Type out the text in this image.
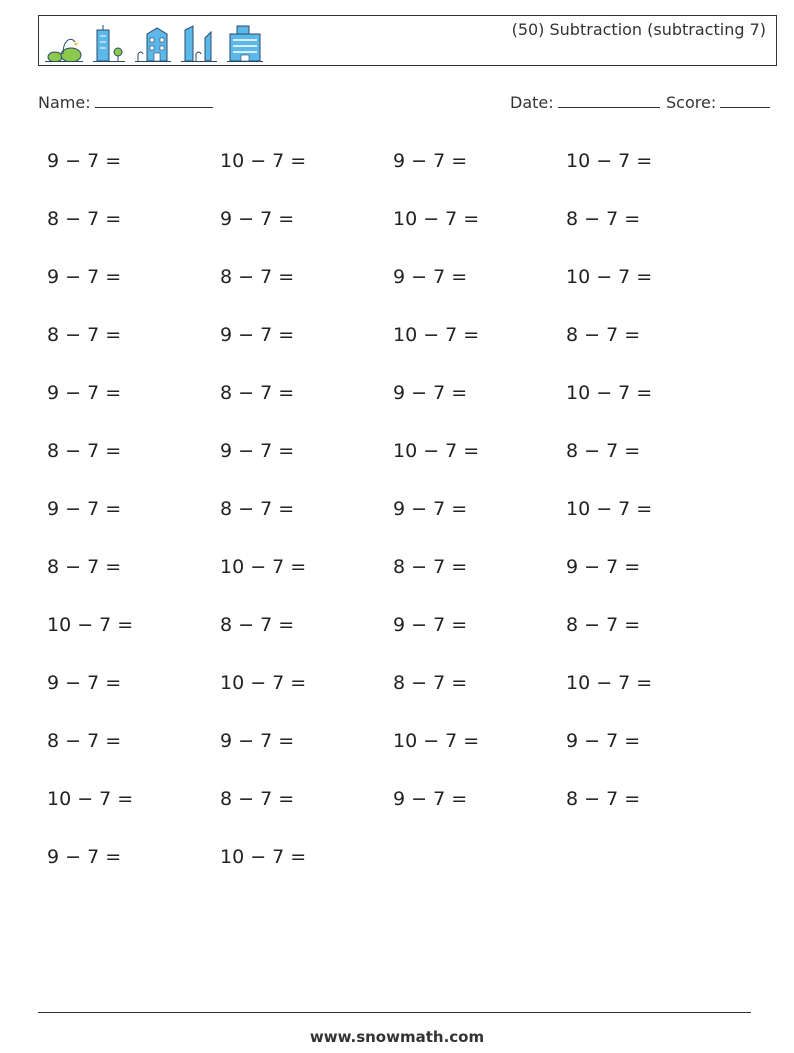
(50) Subtraction (subtracting 7)
Name:	Date:	Score:
9 − 7 =	10 − 7 =	9 − 7 =	10 − 7 =
8 − 7 =	9 − 7 =	10 − 7 =	8 − 7 =
9 − 7 =	8 − 7 =	9 − 7 =	10 − 7 =
8 − 7 =	9 − 7 =	10 − 7 =	8 − 7 =
9 − 7 =	8 − 7 =	9 − 7 =	10 − 7 =
8 − 7 =	9 − 7 =	10 − 7 =	8 − 7 =
9 − 7 =	8 − 7 =	9 − 7 =	10 − 7 =
8 − 7 =	10 − 7 =	8 − 7 =	9 − 7 =
10 − 7 =	8 − 7 =	9 − 7 =	8 − 7 =
9 − 7 =	10 − 7 =	8 − 7 =	10 − 7 =
8 − 7 =	9 − 7 =	10 − 7 =	9 − 7 =
10 − 7 =	8 − 7 =	9 − 7 =	8 − 7 =
9 − 7 =	10 − 7 =
www.snowmath.com
